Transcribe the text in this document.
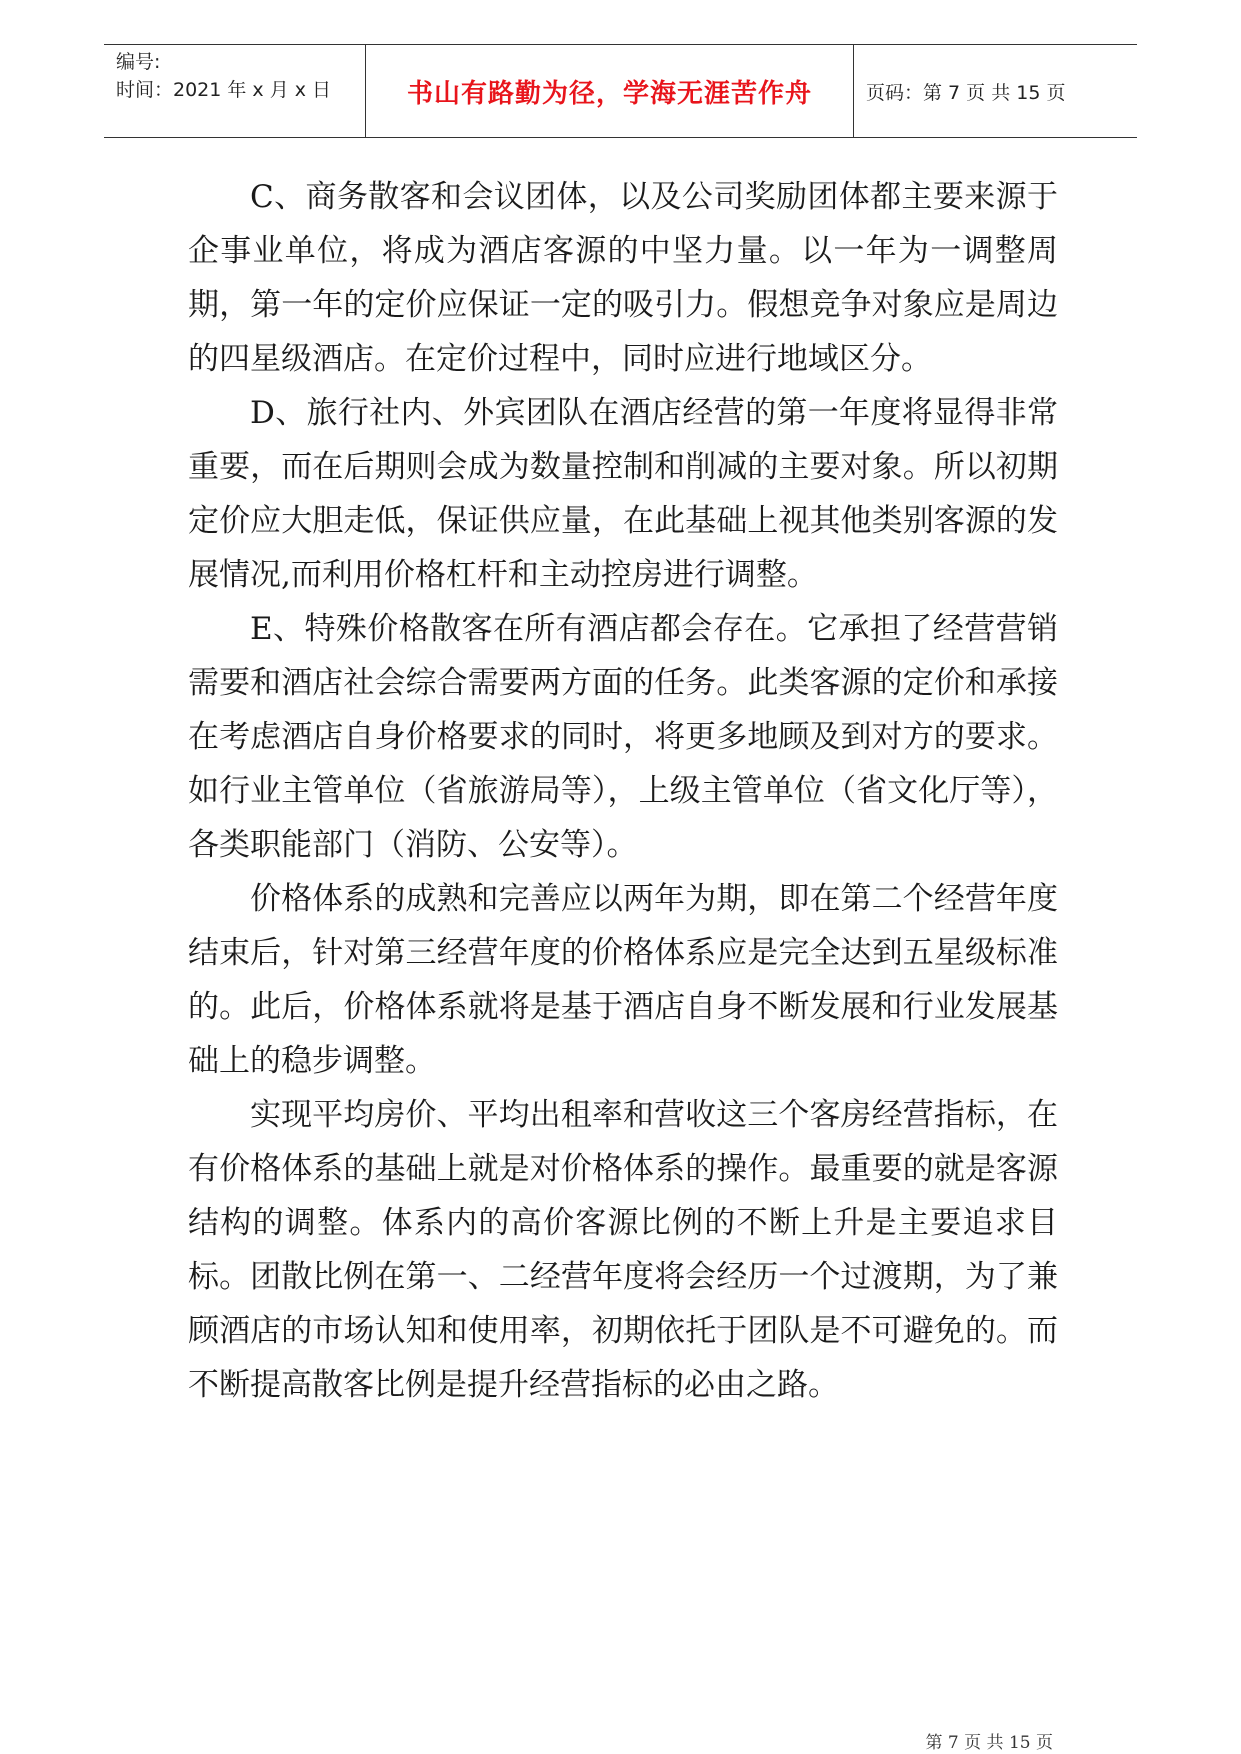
编号:
时间：2021 年 x 月 x 日	书山有路勤为径，学海无涯苦作舟	页码：第 7 页 共 15 页

C、商务散客和会议团体，以及公司奖励团体都主要来源于企事业单位，将成为酒店客源的中坚力量。以一年为一调整周期，第一年的定价应保证一定的吸引力。假想竞争对象应是周边的四星级酒店。在定价过程中，同时应进行地域区分。

D、旅行社内、外宾团队在酒店经营的第一年度将显得非常重要，而在后期则会成为数量控制和削减的主要对象。所以初期定价应大胆走低，保证供应量，在此基础上视其他类别客源的发展情况,而利用价格杠杆和主动控房进行调整。

E、特殊价格散客在所有酒店都会存在。它承担了经营营销需要和酒店社会综合需要两方面的任务。此类客源的定价和承接在考虑酒店自身价格要求的同时，将更多地顾及到对方的要求。如行业主管单位（省旅游局等），上级主管单位（省文化厅等），各类职能部门（消防、公安等）。

价格体系的成熟和完善应以两年为期，即在第二个经营年度结束后，针对第三经营年度的价格体系应是完全达到五星级标准的。此后，价格体系就将是基于酒店自身不断发展和行业发展基础上的稳步调整。

实现平均房价、平均出租率和营收这三个客房经营指标，在有价格体系的基础上就是对价格体系的操作。最重要的就是客源结构的调整。体系内的高价客源比例的不断上升是主要追求目标。团散比例在第一、二经营年度将会经历一个过渡期，为了兼顾酒店的市场认知和使用率，初期依托于团队是不可避免的。而不断提高散客比例是提升经营指标的必由之路。

第 7 页 共 15 页
